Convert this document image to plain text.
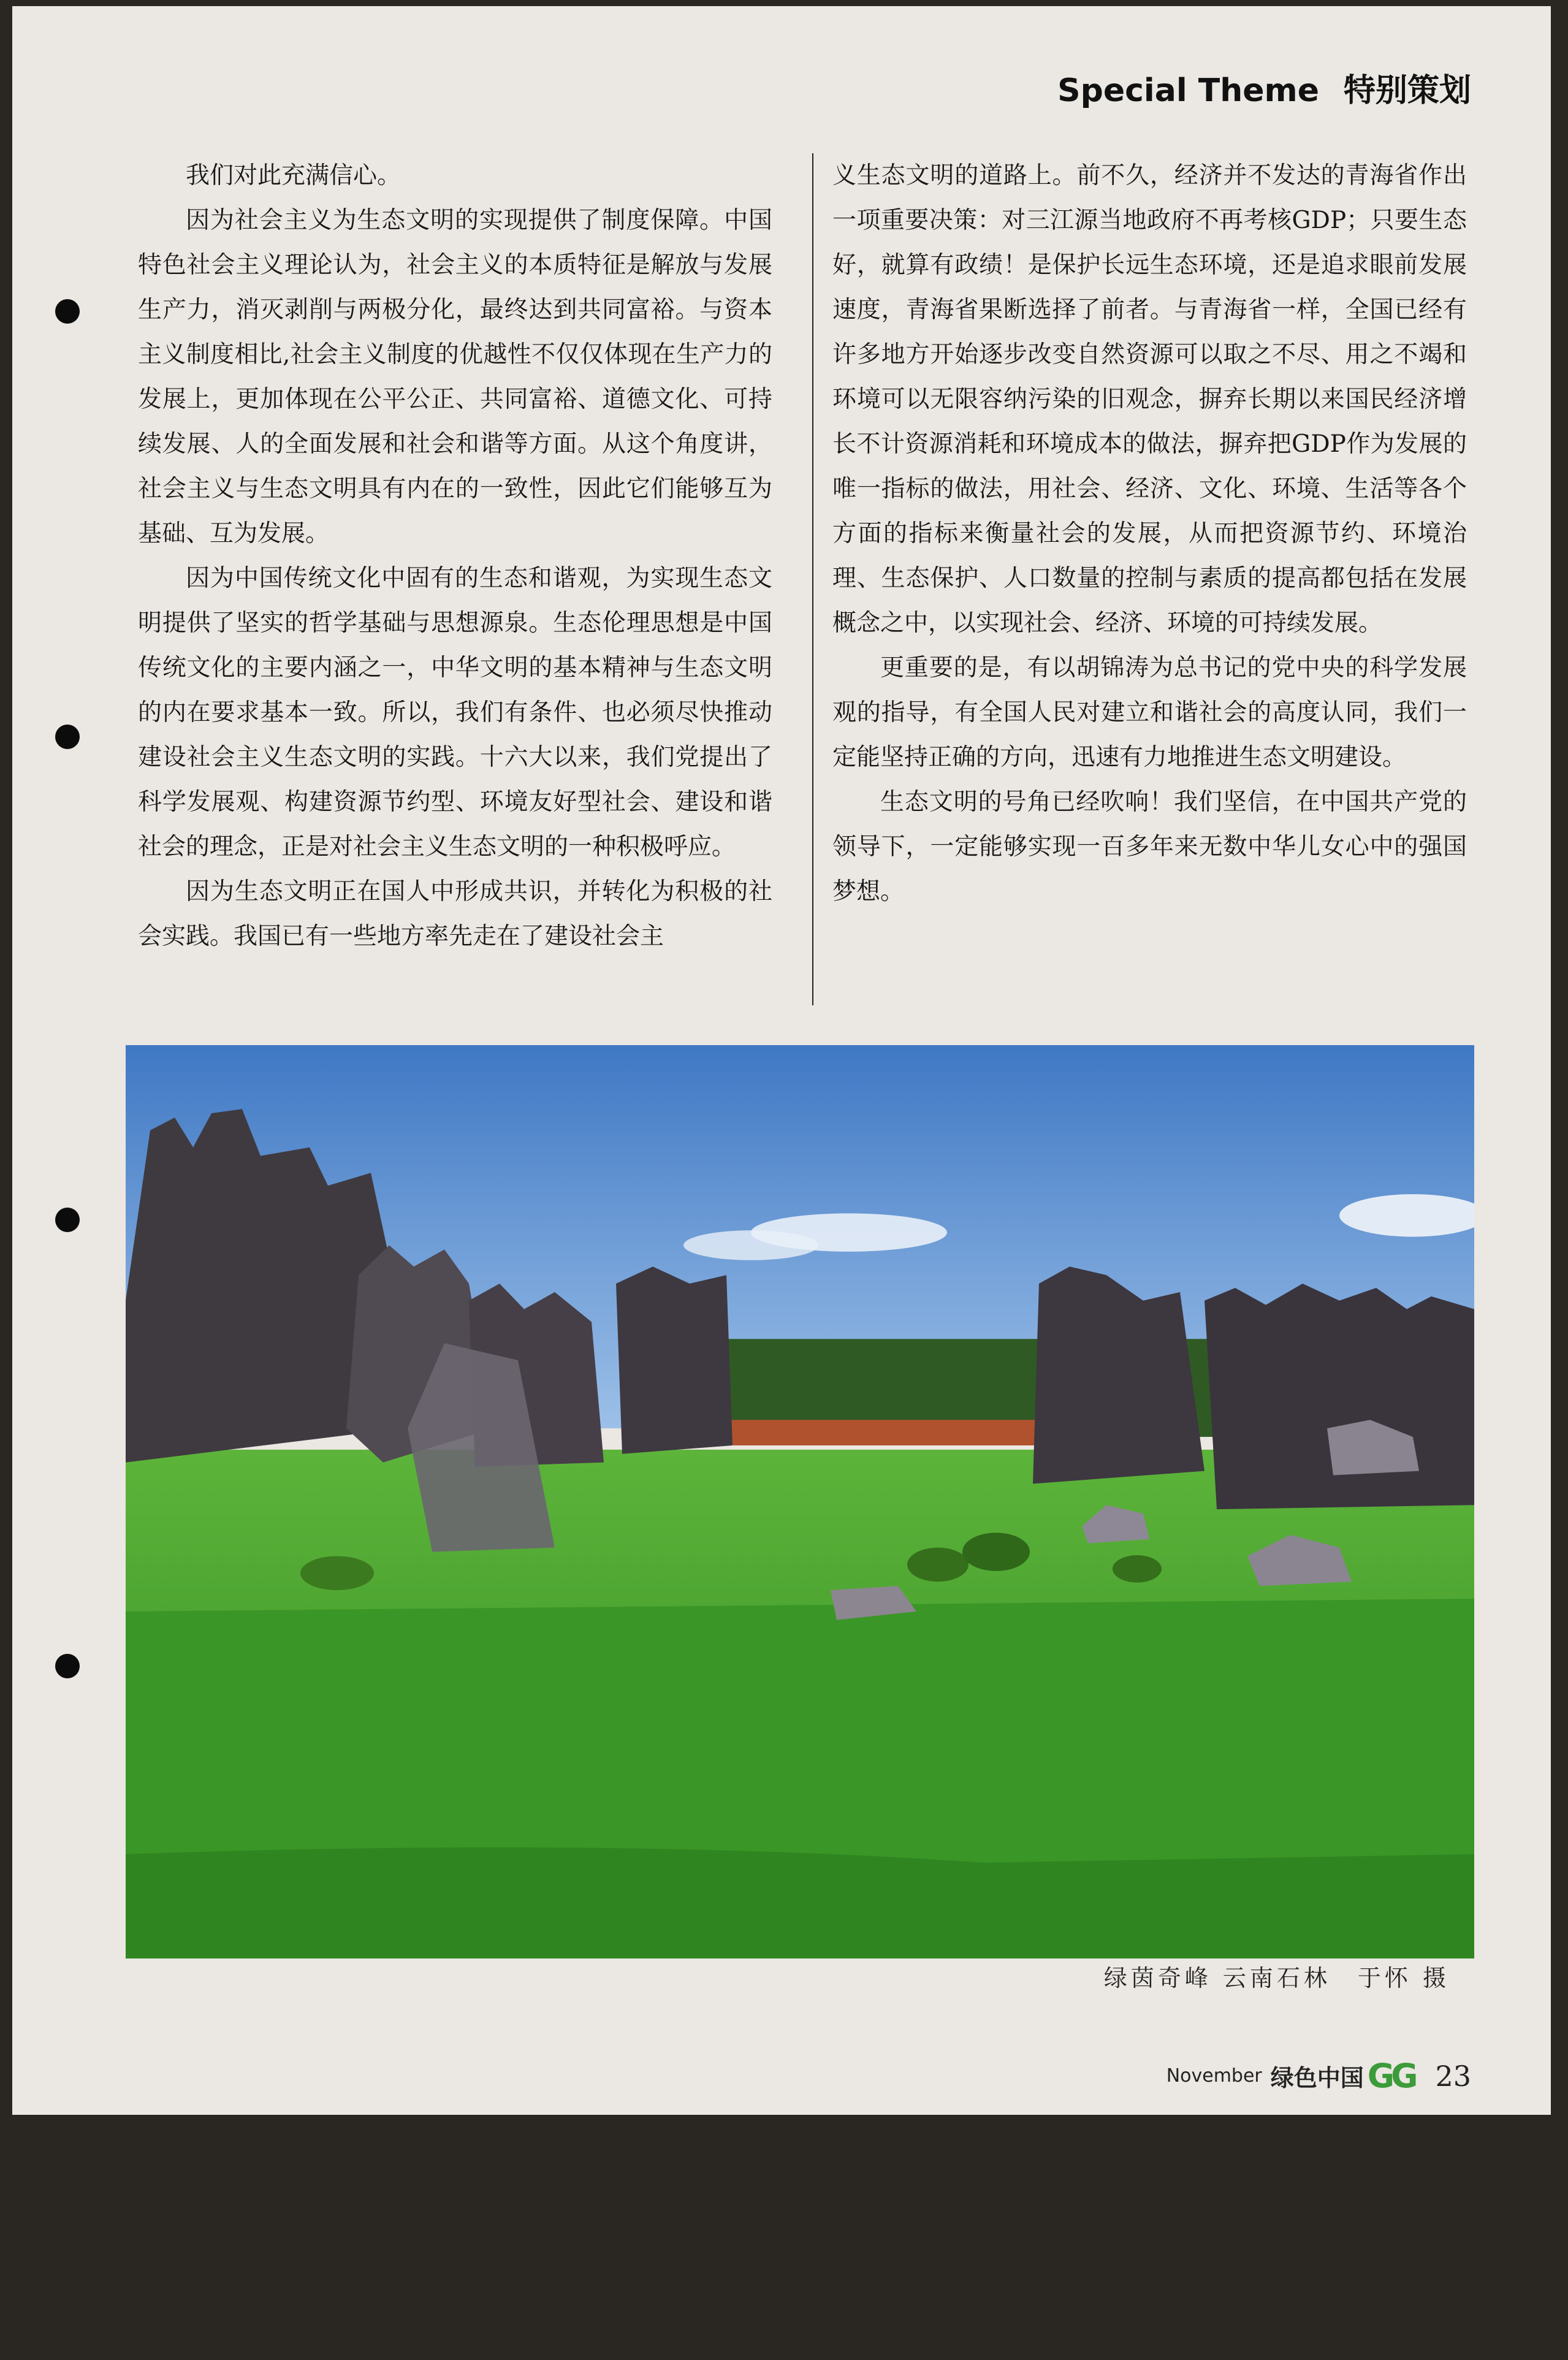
Special Theme 特别策划

我们对此充满信心。

因为社会主义为生态文明的实现提供了制度保障。中国特色社会主义理论认为，社会主义的本质特征是解放与发展生产力，消灭剥削与两极分化，最终达到共同富裕。与资本主义制度相比,社会主义制度的优越性不仅仅体现在生产力的发展上，更加体现在公平公正、共同富裕、道德文化、可持续发展、人的全面发展和社会和谐等方面。从这个角度讲，社会主义与生态文明具有内在的一致性，因此它们能够互为基础、互为发展。

因为中国传统文化中固有的生态和谐观，为实现生态文明提供了坚实的哲学基础与思想源泉。生态伦理思想是中国传统文化的主要内涵之一，中华文明的基本精神与生态文明的内在要求基本一致。所以，我们有条件、也必须尽快推动建设社会主义生态文明的实践。十六大以来，我们党提出了科学发展观、构建资源节约型、环境友好型社会、建设和谐社会的理念，正是对社会主义生态文明的一种积极呼应。

因为生态文明正在国人中形成共识，并转化为积极的社会实践。我国已有一些地方率先走在了建设社会主

义生态文明的道路上。前不久，经济并不发达的青海省作出一项重要决策：对三江源当地政府不再考核GDP；只要生态好，就算有政绩！是保护长远生态环境，还是追求眼前发展速度，青海省果断选择了前者。与青海省一样，全国已经有许多地方开始逐步改变自然资源可以取之不尽、用之不竭和环境可以无限容纳污染的旧观念，摒弃长期以来国民经济增长不计资源消耗和环境成本的做法，摒弃把GDP作为发展的唯一指标的做法，用社会、经济、文化、环境、生活等各个方面的指标来衡量社会的发展，从而把资源节约、环境治理、生态保护、人口数量的控制与素质的提高都包括在发展概念之中，以实现社会、经济、环境的可持续发展。

更重要的是，有以胡锦涛为总书记的党中央的科学发展观的指导，有全国人民对建立和谐社会的高度认同，我们一定能坚持正确的方向，迅速有力地推进生态文明建设。

生态文明的号角已经吹响！我们坚信，在中国共产党的领导下，一定能够实现一百多年来无数中华儿女心中的强国梦想。

绿茵奇峰 云南石林　于怀 摄
November 绿色中国 GG 23
